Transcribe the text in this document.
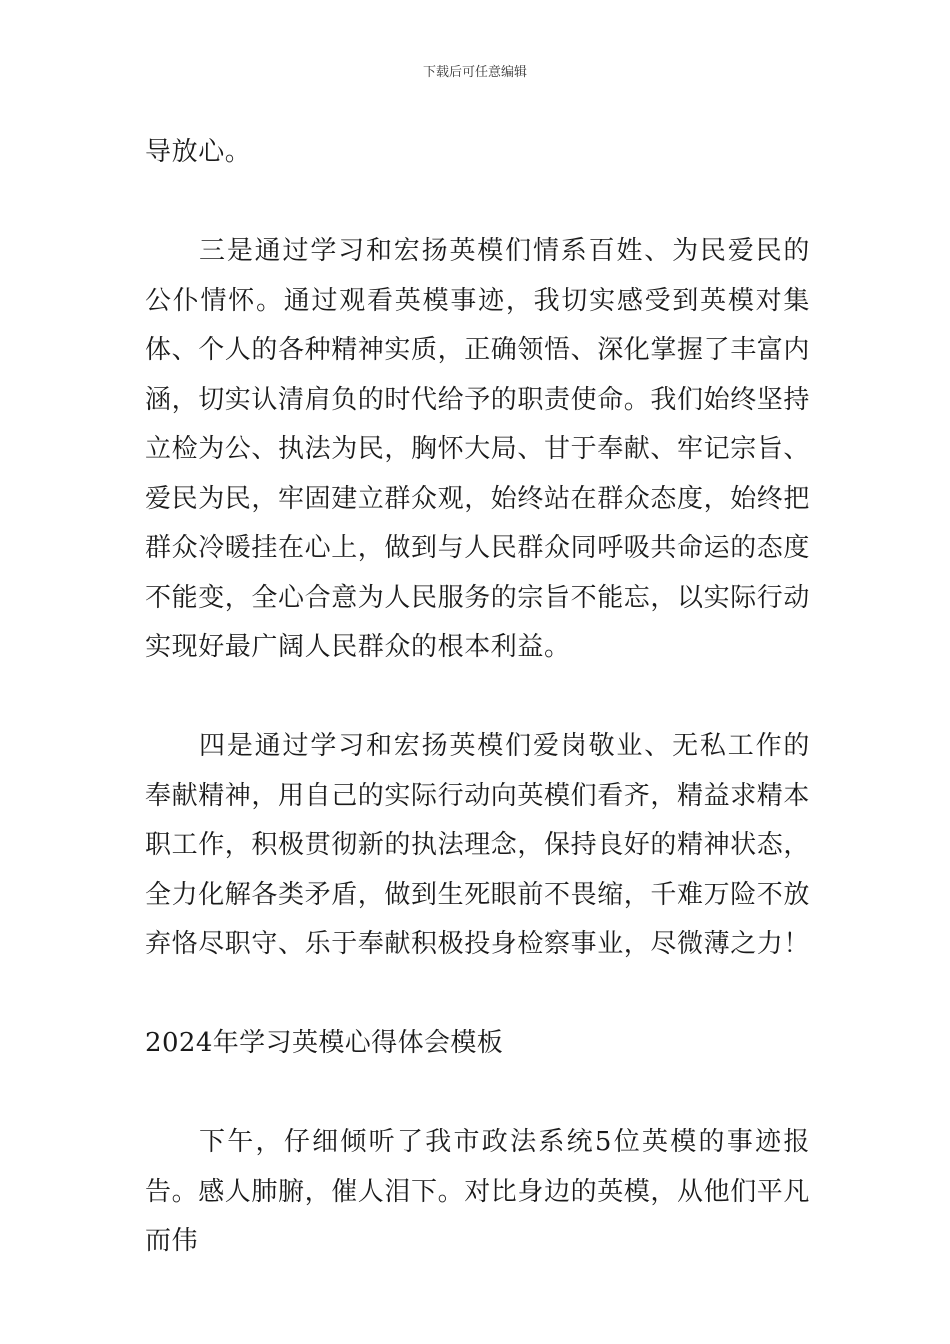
下载后可任意编辑

导放心。

三是通过学习和宏扬英模们情系百姓、为民爱民的公仆情怀。通过观看英模事迹，我切实感受到英模对集体、个人的各种精神实质，正确领悟、深化掌握了丰富内涵，切实认清肩负的时代给予的职责使命。我们始终坚持立检为公、执法为民，胸怀大局、甘于奉献、牢记宗旨、爱民为民，牢固建立群众观，始终站在群众态度，始终把群众冷暖挂在心上，做到与人民群众同呼吸共命运的态度不能变，全心合意为人民服务的宗旨不能忘，以实际行动实现好最广阔人民群众的根本利益。

四是通过学习和宏扬英模们爱岗敬业、无私工作的奉献精神，用自己的实际行动向英模们看齐，精益求精本职工作，积极贯彻新的执法理念，保持良好的精神状态，全力化解各类矛盾，做到生死眼前不畏缩，千难万险不放弃恪尽职守、乐于奉献积极投身检察事业，尽微薄之力！

2024年学习英模心得体会模板

下午，仔细倾听了我市政法系统5位英模的事迹报告。感人肺腑，催人泪下。对比身边的英模，从他们平凡而伟
